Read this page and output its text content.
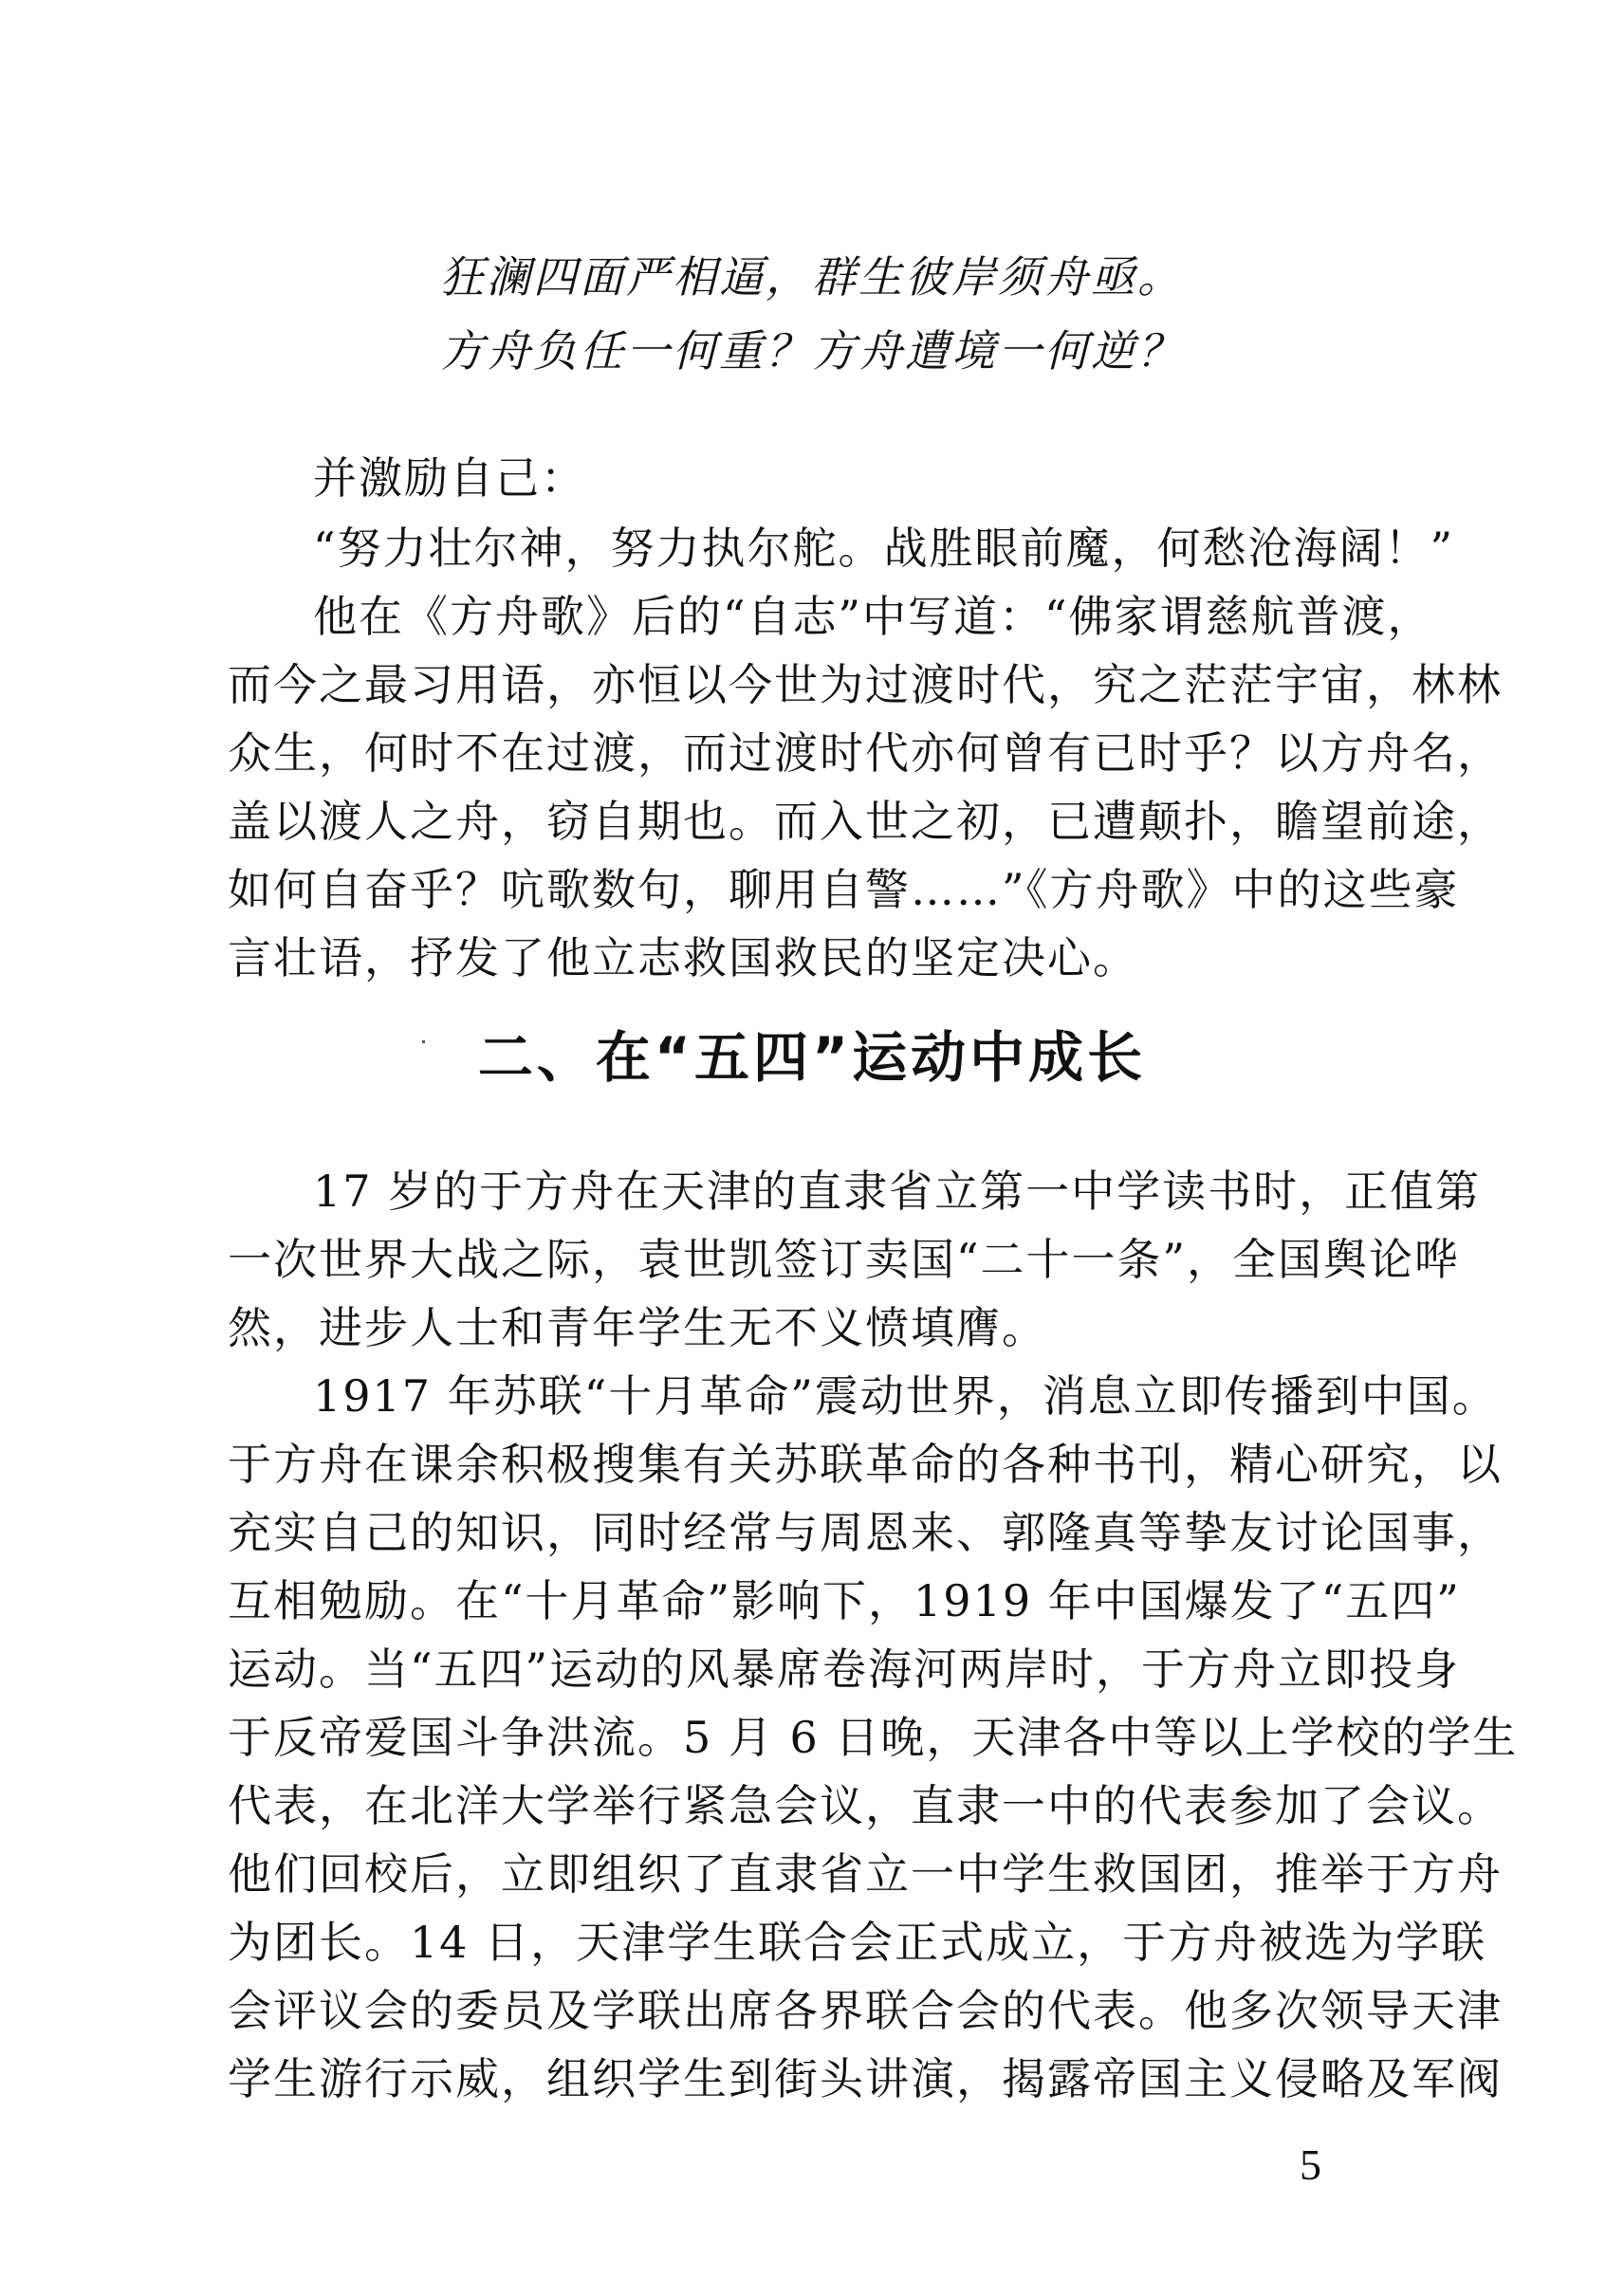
狂澜四面严相逼，群生彼岸须舟亟。
方舟负任一何重？方舟遭境一何逆？
并激励自己：
“努力壮尔神，努力执尔舵。战胜眼前魔，何愁沧海阔！”
他在《方舟歌》后的“自志”中写道：“佛家谓慈航普渡，
而今之最习用语，亦恒以今世为过渡时代，究之茫茫宇宙，林林
众生，何时不在过渡，而过渡时代亦何曾有已时乎？以方舟名，
盖以渡人之舟，窃自期也。而入世之初，已遭颠扑，瞻望前途，
如何自奋乎？吭歌数句，聊用自警……”《方舟歌》中的这些豪
言壮语，抒发了他立志救国救民的坚定决心。
二、在“五四”运动中成长
17 岁的于方舟在天津的直隶省立第一中学读书时，正值第
一次世界大战之际，袁世凯签订卖国“二十一条”，全国舆论哗
然，进步人士和青年学生无不义愤填膺。
1917 年苏联“十月革命”震动世界，消息立即传播到中国。
于方舟在课余积极搜集有关苏联革命的各种书刊，精心研究，以
充实自己的知识，同时经常与周恩来、郭隆真等挚友讨论国事，
互相勉励。在“十月革命”影响下，1919 年中国爆发了“五四”
运动。当“五四”运动的风暴席卷海河两岸时，于方舟立即投身
于反帝爱国斗争洪流。5 月 6 日晚，天津各中等以上学校的学生
代表，在北洋大学举行紧急会议，直隶一中的代表参加了会议。
他们回校后，立即组织了直隶省立一中学生救国团，推举于方舟
为团长。14 日，天津学生联合会正式成立，于方舟被选为学联
会评议会的委员及学联出席各界联合会的代表。他多次领导天津
学生游行示威，组织学生到街头讲演，揭露帝国主义侵略及军阀
5
